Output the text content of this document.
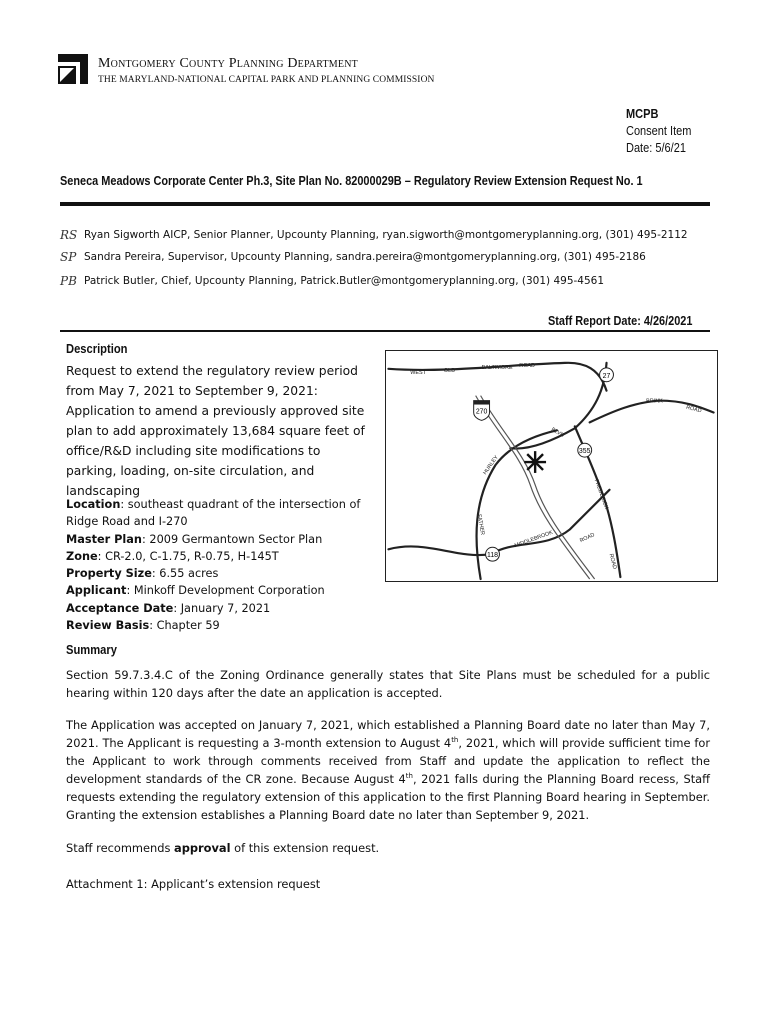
Montgomery County Planning Department
THE MARYLAND-NATIONAL CAPITAL PARK AND PLANNING COMMISSION
MCPB
Consent Item
Date: 5/6/21
Seneca Meadows Corporate Center Ph.3, Site Plan No. 82000029B – Regulatory Review Extension Request No. 1
RS Ryan Sigworth AICP, Senior Planner, Upcounty Planning, ryan.sigworth@montgomeryplanning.org, (301) 495-2112
SP Sandra Pereira, Supervisor, Upcounty Planning, sandra.pereira@montgomeryplanning.org, (301) 495-2186
PB Patrick Butler, Chief, Upcounty Planning, Patrick.Butler@montgomeryplanning.org, (301) 495-4561
Staff Report Date: 4/26/2021
Description
Request to extend the regulatory review period from May 7, 2021 to September 9, 2021: Application to amend a previously approved site plan to add approximately 13,684 square feet of office/R&D including site modifications to parking, loading, on-site circulation, and landscaping
Location: southeast quadrant of the intersection of Ridge Road and I-270
Master Plan: 2009 Germantown Sector Plan
Zone: CR-2.0, C-1.75, R-0.75, H-145T
Property Size: 6.55 acres
Applicant: Minkoff Development Corporation
Acceptance Date: January 7, 2021
Review Basis: Chapter 59
270
27
355
118
WEST	OLD	BALTIMORE ROAD
BRINK
ROAD
BLVD
HURLEY
FATHER
FREDERICK
MIDDLEBROOK	ROAD
ROAD
Summary
Section 59.7.3.4.C of the Zoning Ordinance generally states that Site Plans must be scheduled for a public hearing within 120 days after the date an application is accepted.
The Application was accepted on January 7, 2021, which established a Planning Board date no later than May 7, 2021. The Applicant is requesting a 3-month extension to August 4th, 2021, which will provide sufficient time for the Applicant to work through comments received from Staff and update the application to reflect the development standards of the CR zone. Because August 4th, 2021 falls during the Planning Board recess, Staff requests extending the regulatory extension of this application to the first Planning Board hearing in September. Granting the extension establishes a Planning Board date no later than September 9, 2021.
Staff recommends approval of this extension request.
Attachment 1: Applicant’s extension request
